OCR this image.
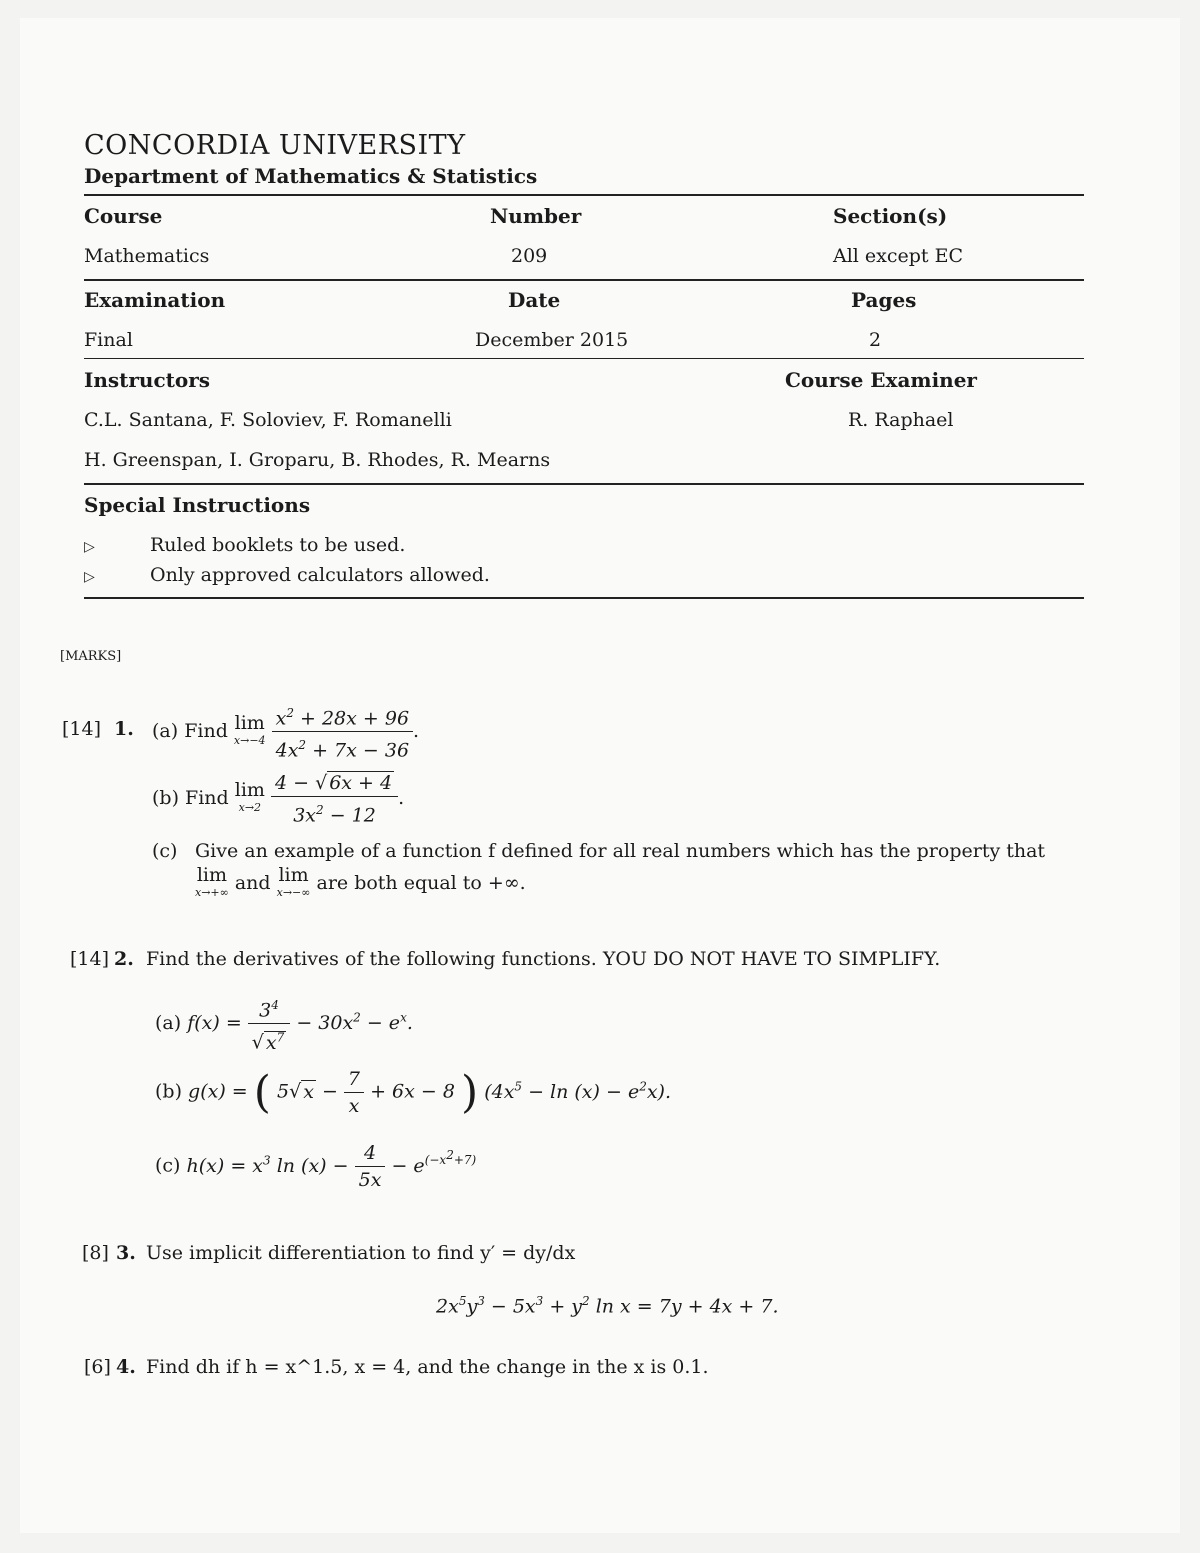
CONCORDIA UNIVERSITY
Department of Mathematics & Statistics
Course	Number	Section(s)
Mathematics	209	All except EC
Examination	Date	Pages
Final	December 2015	2
Instructors	Course Examiner
C.L. Santana, F. Soloviev, F. Romanelli	R. Raphael
H. Greenspan, I. Groparu, B. Rhodes, R. Mearns
Special Instructions
▷	Ruled booklets to be used.
▷	Only approved calculators allowed.
[MARKS]
[14] 1. (a) Find lim
x→−4
$\frac{x^2 + 28x + 96}{4x^2 + 7x - 36}$ .
(b) Find lim
x→2
$\frac{4 - √ 6x + 4}{3x^2 - 12}$ .
(c) Give an example of a function f defined for all real numbers which has the property that
lim
x→+∞ and lim
x→−∞ are both equal to +∞.
[14] 2. Find the derivatives of the following functions. YOU DO NOT HAVE TO SIMPLIFY.
(a) $f(x) = \frac{3^4}{√ x^7} - 30x^2 - e^x$.
(b) g(x) = ( 5√ $x - \frac{7}{x} + 6x - 8$ ) $(4x^5 - \ln (x) - e^2x)$.
(c) $h(x) = x^3$ $\ln (x) - \frac{4}{5x} - e^{(-x^2+7)}$
[8] 3. Use implicit differentiation to find y′ = dy/dx
$2x^5y^3 - 5x^3 + y^2$ ln x = 7y + 4x + 7.
[6] 4. Find dh if h = x^1.5, x = 4, and the change in the x is 0.1.
